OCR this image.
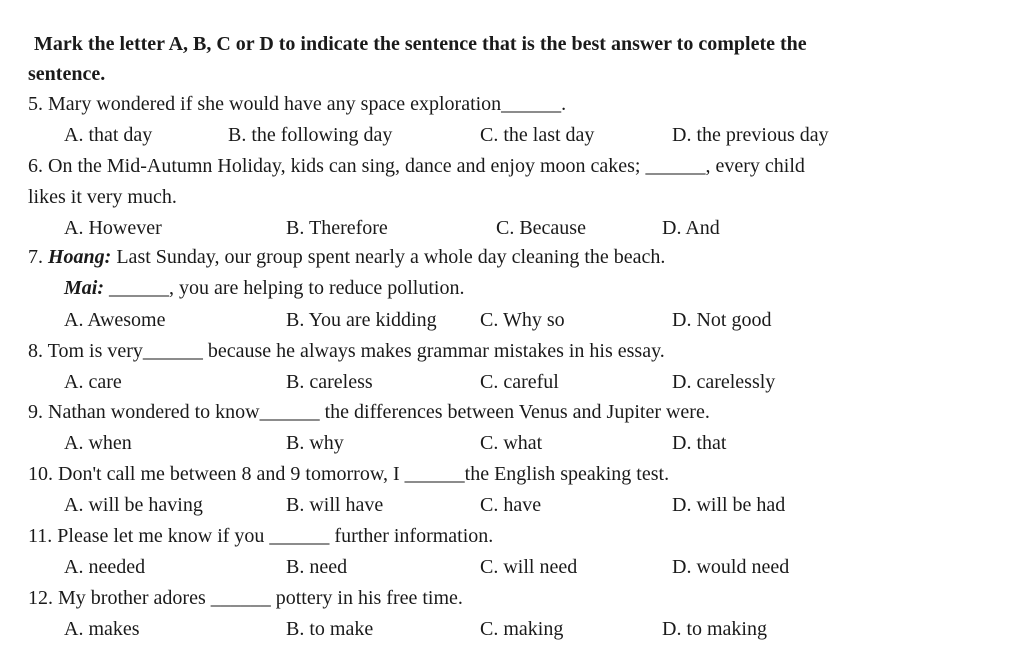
Mark the letter A, B, C or D to indicate the sentence that is the best answer to complete the
sentence.
5. Mary wondered if she would have any space exploration______.
A. that day	B. the following day	C. the last day	D. the previous day
6. On the Mid-Autumn Holiday, kids can sing, dance and enjoy moon cakes; ______, every child
likes it very much.
A. However	B. Therefore	C. Because	D. And
7. Hoang: Last Sunday, our group spent nearly a whole day cleaning the beach.
Mai: ______, you are helping to reduce pollution.
A. Awesome	B. You are kidding C. Why so	D. Not good
8. Tom is very______ because he always makes grammar mistakes in his essay.
A. care	B. careless	C. careful	D. carelessly
9. Nathan wondered to know______ the differences between Venus and Jupiter were.
A. when	B. why	C. what	D. that
10. Don't call me between 8 and 9 tomorrow, I ______the English speaking test.
A. will be having	B. will have	C. have	D. will be had
11. Please let me know if you ______ further information.
A. needed	B. need	C. will need	D. would need
12. My brother adores ______ pottery in his free time.
A. makes	B. to make	C. making	D. to making
